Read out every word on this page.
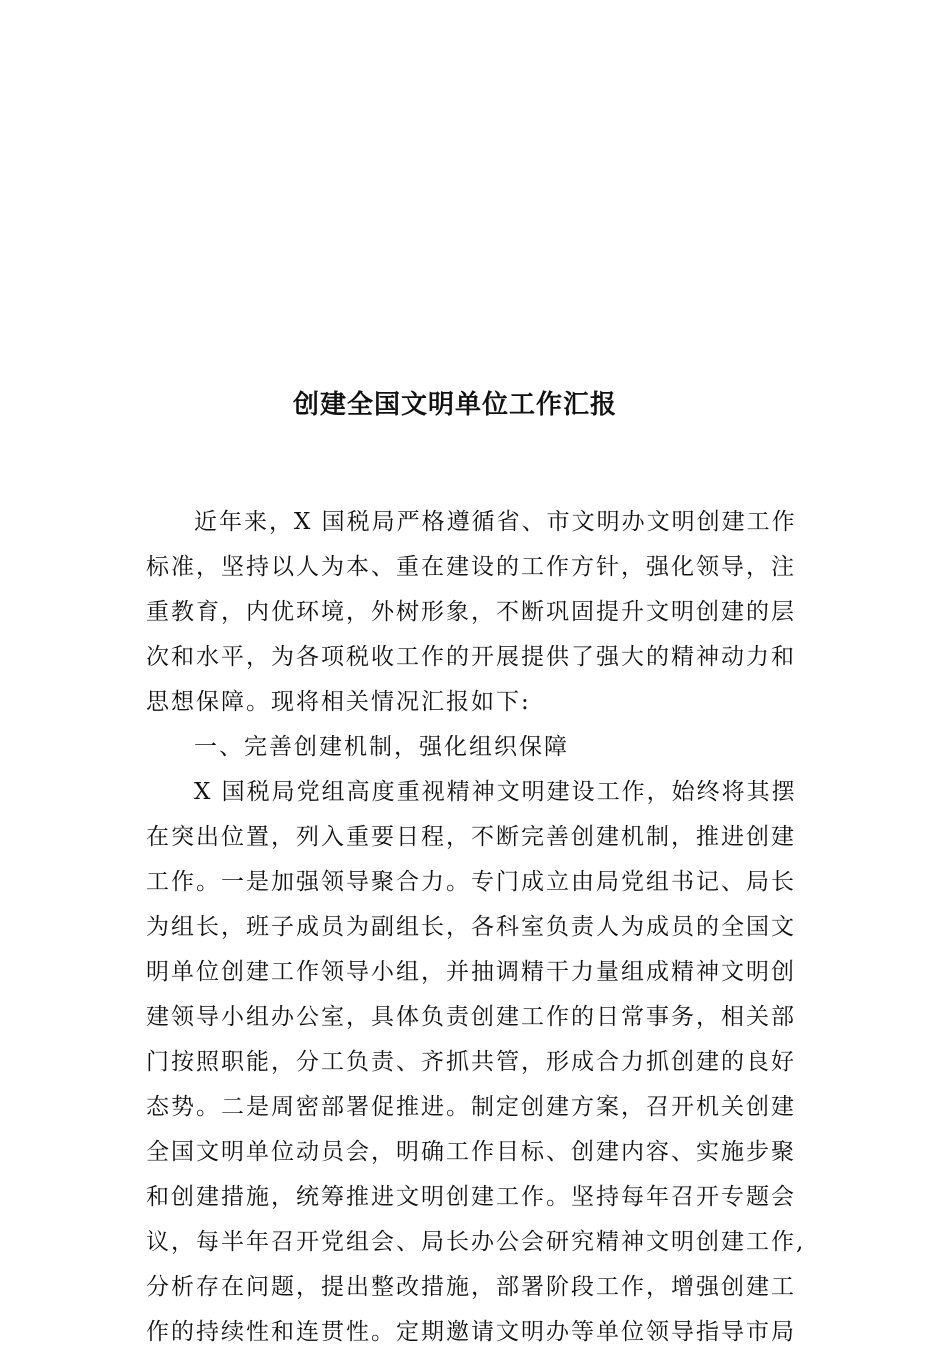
创建全国文明单位工作汇报
近年来，X 国税局严格遵循省、市文明办文明创建工作
标准，坚持以人为本、重在建设的工作方针，强化领导，注
重教育，内优环境，外树形象，不断巩固提升文明创建的层
次和水平，为各项税收工作的开展提供了强大的精神动力和
思想保障。现将相关情况汇报如下:
一、完善创建机制，强化组织保障
X 国税局党组高度重视精神文明建设工作，始终将其摆
在突出位置，列入重要日程，不断完善创建机制，推进创建
工作。一是加强领导聚合力。专门成立由局党组书记、局长
为组长，班子成员为副组长，各科室负责人为成员的全国文
明单位创建工作领导小组，并抽调精干力量组成精神文明创
建领导小组办公室，具体负责创建工作的日常事务，相关部
门按照职能，分工负责、齐抓共管，形成合力抓创建的良好
态势。二是周密部署促推进。制定创建方案，召开机关创建
全国文明单位动员会，明确工作目标、创建内容、实施步聚
和创建措施，统筹推进文明创建工作。坚持每年召开专题会
议，每半年召开党组会、局长办公会研究精神文明创建工作,
分析存在问题，提出整改措施，部署阶段工作，增强创建工
作的持续性和连贯性。定期邀请文明办等单位领导指导市局
